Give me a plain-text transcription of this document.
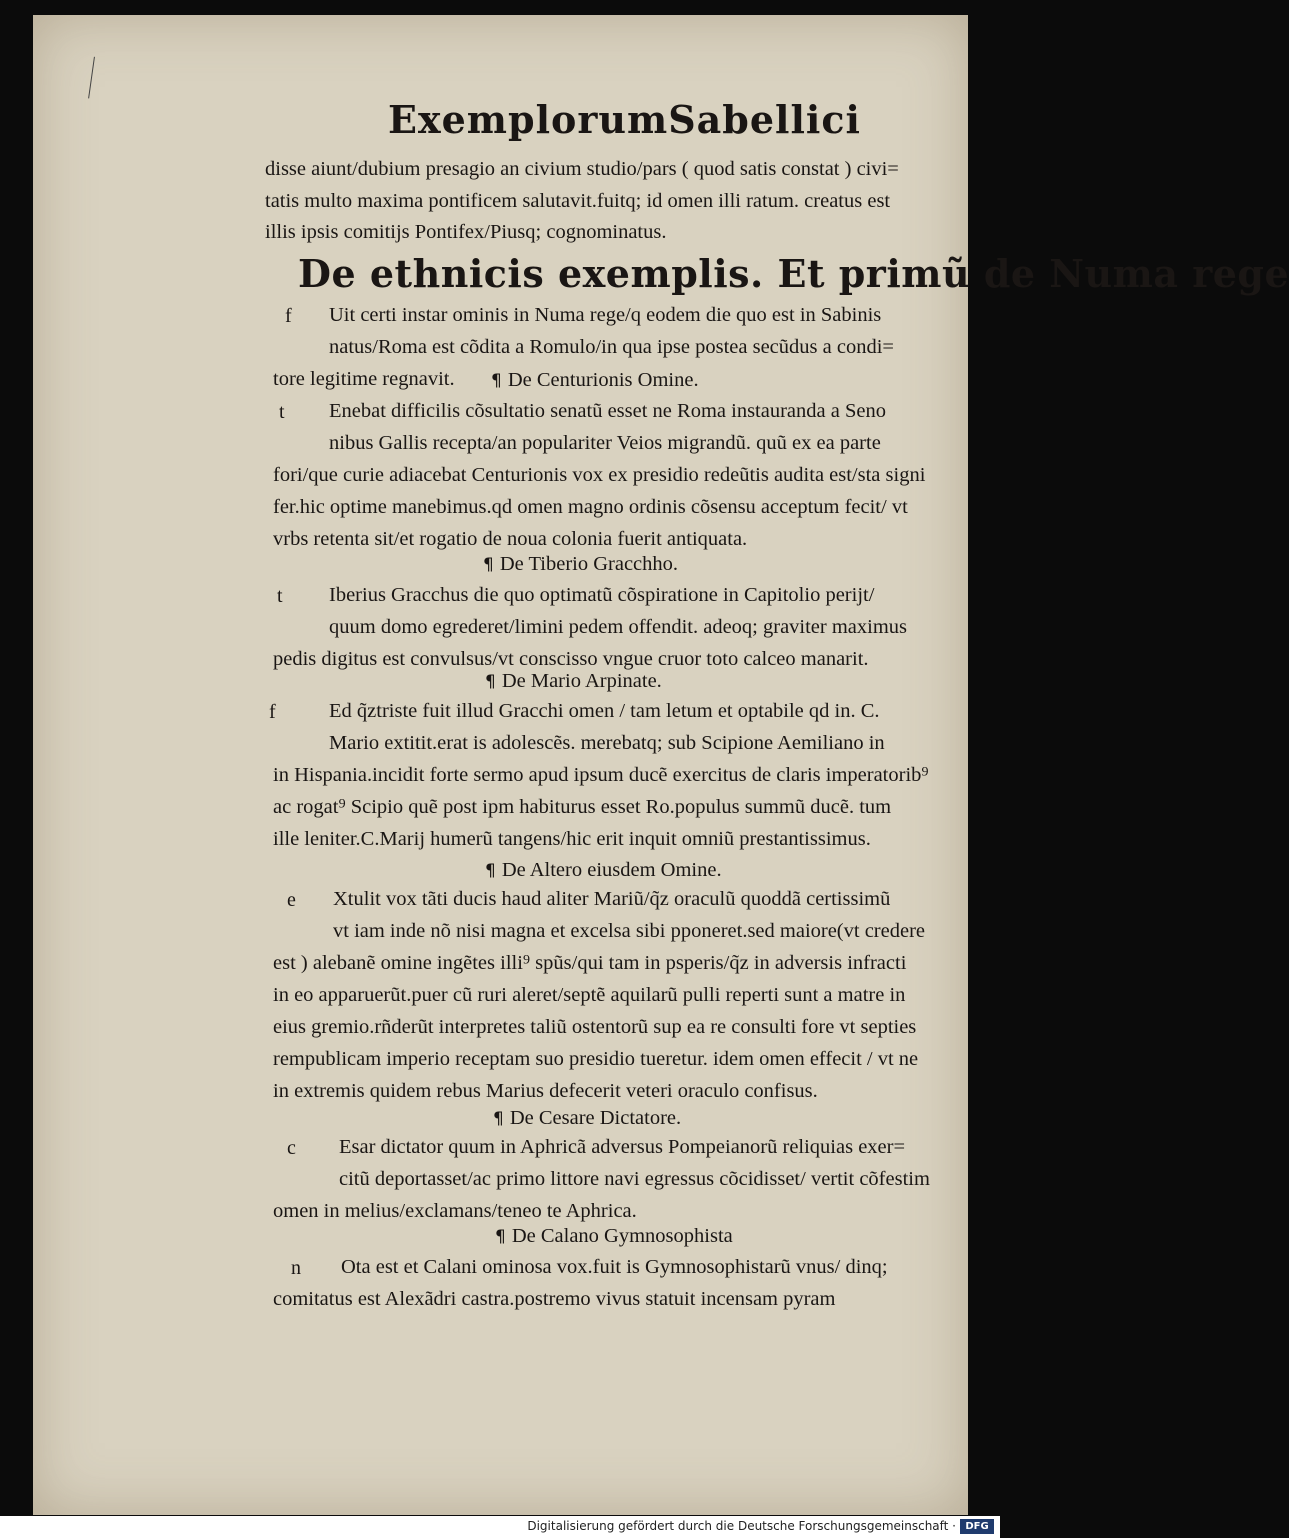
Exemplorum Sabellici
disse aiunt/dubium presagio an civium studio/pars ( quod satis constat ) civi=
tatis multo maxima pontificem salutavit.fuitq; id omen illi ratum. creatus est
illis ipsis comitijs Pontifex/Piusq; cognominatus.
De ethnicis exemplis. Et primũ de Numa rege
f Uit certi instar ominis in Numa rege/q eodem die quo est in Sabinis
natus/Roma est cõdita a Romulo/in qua ipse postea secũdus a condi=
tore legitime regnavit. ¶ De Centurionis Omine.
t Enebat difficilis cõsultatio senatũ esset ne Roma instauranda a Seno
nibus Gallis recepta/an populariter Veios migrandũ. quũ ex ea parte
fori/que curie adiacebat Centurionis vox ex presidio redeũtis audita est/sta signi
fer.hic optime manebimus.qd omen magno ordinis cõsensu acceptum fecit/ vt
vrbs retenta sit/et rogatio de noua colonia fuerit antiquata.
¶ De Tiberio Gracchho.
t Iberius Gracchus die quo optimatũ cõspiratione in Capitolio perijt/
quum domo egrederet/limini pedem offendit. adeoq; graviter maximus
pedis digitus est convulsus/vt conscisso vngue cruor toto calceo manarit.
¶ De Mario Arpinate.
f	Ed q̃ztriste fuit illud Gracchi omen / tam letum et optabile qd in. C.
Mario extitit.erat is adolescẽs. merebatq; sub Scipione Aemiliano in
in Hispania.incidit forte sermo apud ipsum ducẽ exercitus de claris imperatorib⁹
ac rogat⁹ Scipio quẽ post ipm habiturus esset Ro.populus summũ ducẽ. tum
ille leniter.C.Marij humerũ tangens/hic erit inquit omniũ prestantissimus.
¶ De Altero eiusdem Omine.
e Xtulit vox tãti ducis haud aliter Mariũ/q̃z oraculũ quoddã certissimũ
vt iam inde nõ nisi magna et excelsa sibi pponeret.sed maiore(vt credere
est ) alebanẽ omine ingẽtes illi⁹ spũs/qui tam in psperis/q̃z in adversis infracti
in eo apparuerũt.puer cũ ruri aleret/septẽ aquilarũ pulli reperti sunt a matre in
eius gremio.rñderũt interpretes taliũ ostentorũ sup ea re consulti fore vt septies
rempublicam imperio receptam suo presidio tueretur. idem omen effecit / vt ne
in extremis quidem rebus Marius defecerit veteri oraculo confisus.
¶ De Cesare Dictatore.
c Esar dictator quum in Aphricã adversus Pompeianorũ reliquias exer=
citũ deportasset/ac primo littore navi egressus cõcidisset/ vertit cõfestim
omen in melius/exclamans/teneo te Aphrica.
¶ De Calano Gymnosophista
n Ota est et Calani ominosa vox.fuit is Gymnosophistarũ vnus/ dinq;
comitatus est Alexãdri castra.postremo vivus statuit incensam pyram
Digitalisierung gefördert durch die Deutsche Forschungsgemeinschaft · DFG
